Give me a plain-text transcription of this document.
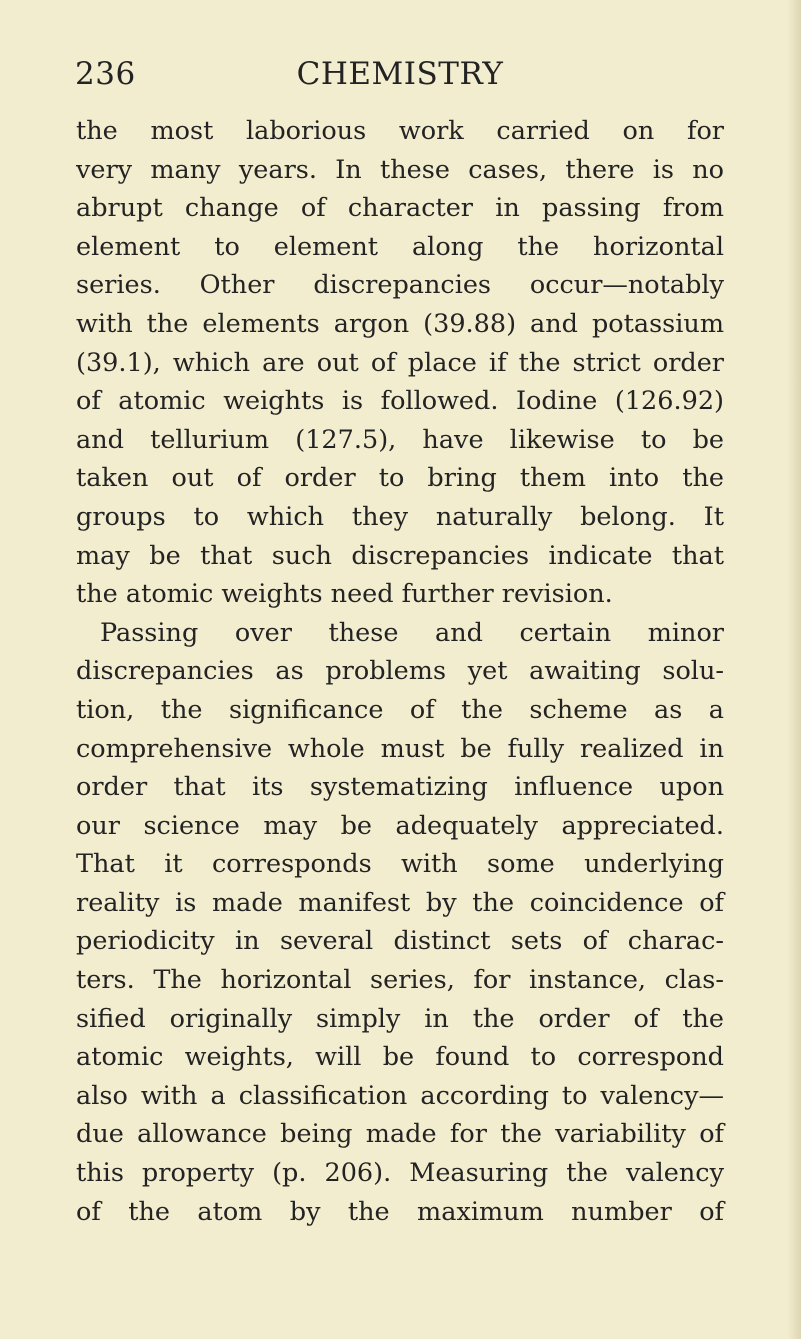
236	CHEMISTRY
the most laborious work carried on for
very many years. In these cases, there is no
abrupt change of character in passing from
element to element along the horizontal
series. Other discrepancies occur—notably
with the elements argon (39.88) and potassium
(39.1), which are out of place if the strict order
of atomic weights is followed. Iodine (126.92)
and tellurium (127.5), have likewise to be
taken out of order to bring them into the
groups to which they naturally belong. It
may be that such discrepancies indicate that
the atomic weights need further revision.
Passing over these and certain minor
discrepancies as problems yet awaiting solu-
tion, the significance of the scheme as a
comprehensive whole must be fully realized in
order that its systematizing influence upon
our science may be adequately appreciated.
That it corresponds with some underlying
reality is made manifest by the coincidence of
periodicity in several distinct sets of charac-
ters. The horizontal series, for instance, clas-
sified originally simply in the order of the
atomic weights, will be found to correspond
also with a classification according to valency—
due allowance being made for the variability of
this property (p. 206). Measuring the valency
of the atom by the maximum number of
